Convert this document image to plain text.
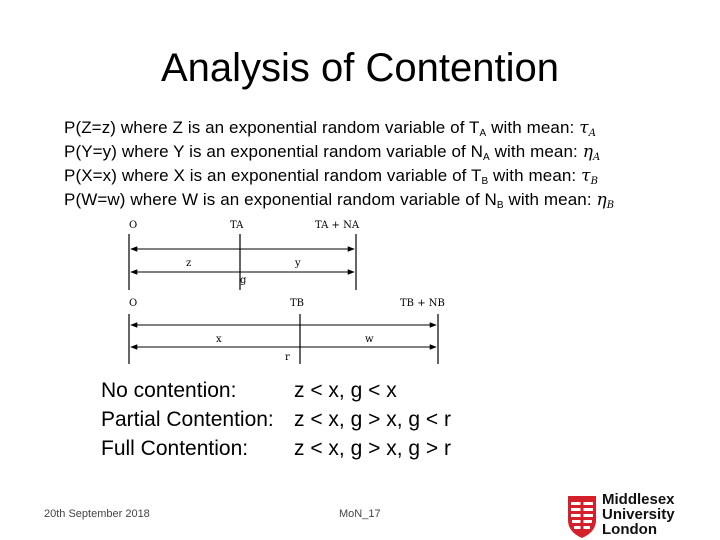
Analysis of Contention
P(Z=z) where Z is an exponential random variable of $T_A$ with mean: $\tau_A$
P(Y=y) where Y is an exponential random variable of $N_A$ with mean: $\eta_A$
P(X=x) where X is an exponential random variable of $T_B$ with mean: $\tau_B$
P(W=w) where W is an exponential random variable of $N_B$ with mean: $\eta_B$
O	TA	TA + NA
z	y
g
O	TB	TB + NB
x	w
r
No contention:	z < x, g < x
Partial Contention: z < x, g > x, g < r
Full Contention: z < x, g > x, g > r
20th September 2018	MoN_17
Middlesex
University
London
